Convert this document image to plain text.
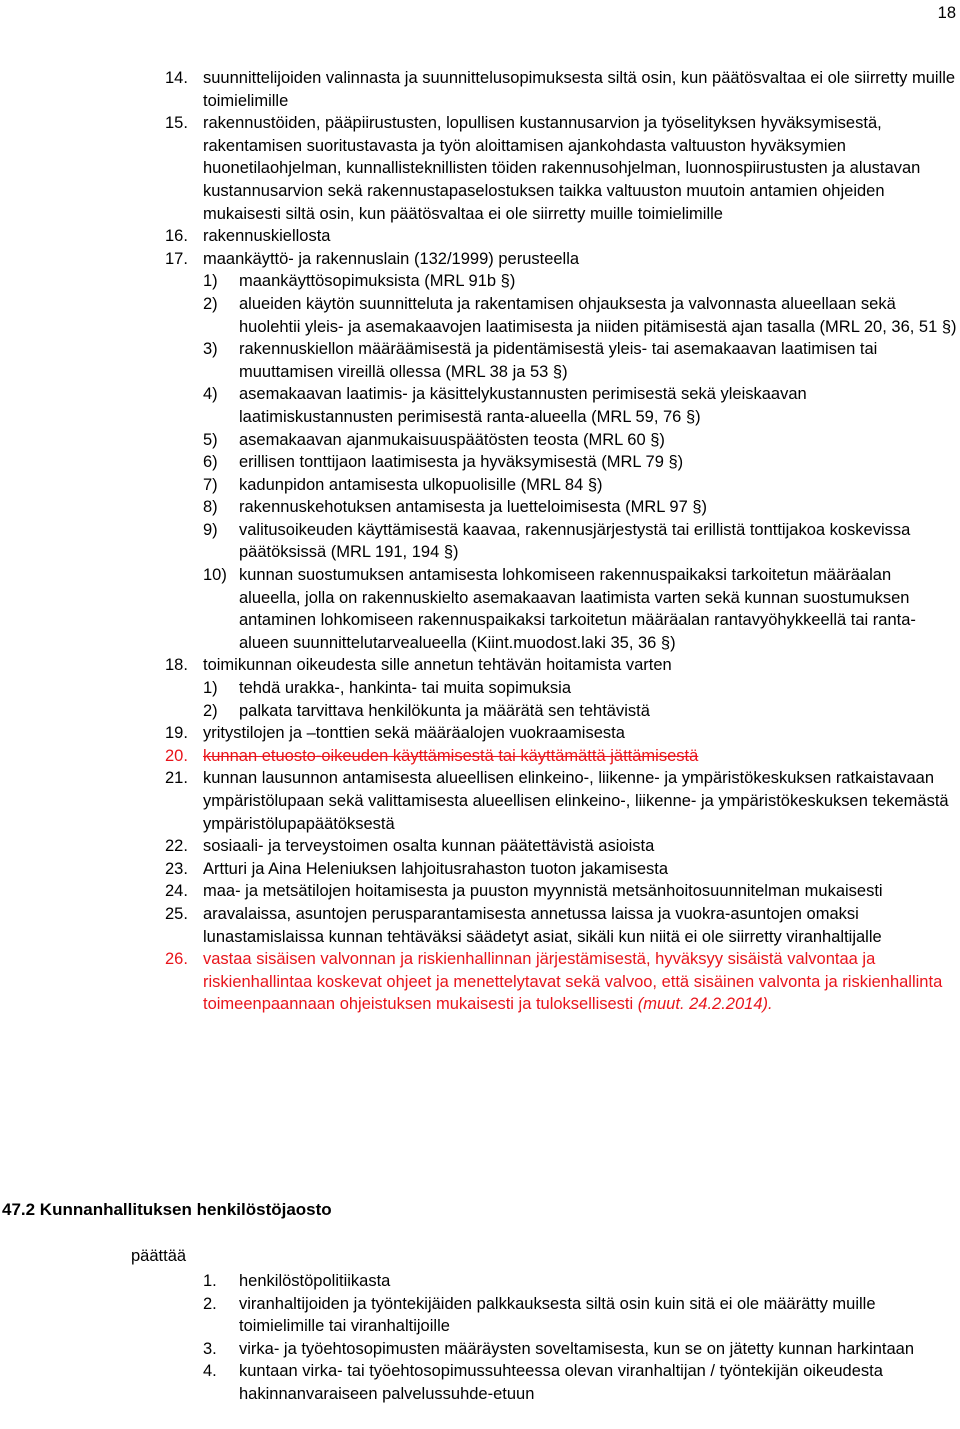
18
14. suunnittelijoiden valinnasta ja suunnittelusopimuksesta siltä osin, kun päätösvaltaa ei ole siirretty muille toimielimille
15. rakennustöiden, pääpiirustusten, lopullisen kustannusarvion ja työselityksen hyväksymisestä, rakentamisen suoritustavasta ja työn aloittamisen ajankohdasta valtuuston hyväksymien huonetilaohjelman, kunnallisteknillisten töiden rakennusohjelman, luonnospiirustusten ja alustavan kustannusarvion sekä rakennustapaselostuksen taikka valtuuston muutoin antamien ohjeiden mukaisesti siltä osin, kun päätösvaltaa ei ole siirretty muille toimielimille
16. rakennuskiellosta
17. maankäyttö- ja rakennuslain (132/1999) perusteella
1) maankäyttösopimuksista (MRL 91b §)
2) alueiden käytön suunnitteluta ja rakentamisen ohjauksesta ja valvonnasta alueellaan sekä huolehtii yleis- ja asemakaavojen laatimisesta ja niiden pitämisestä ajan tasalla (MRL 20, 36, 51 §)
3) rakennuskiellon määräämisestä ja pidentämisestä yleis- tai asemakaavan laatimisen tai muuttamisen vireillä ollessa (MRL 38 ja 53 §)
4) asemakaavan laatimis- ja käsittelykustannusten perimisestä sekä yleiskaavan laatimiskustannusten perimisestä ranta-alueella (MRL 59, 76 §)
5) asemakaavan ajanmukaisuuspäätösten teosta (MRL 60 §)
6) erillisen tonttijaon laatimisesta ja hyväksymisestä (MRL 79 §)
7) kadunpidon antamisesta ulkopuolisille (MRL 84 §)
8) rakennuskehotuksen antamisesta ja luetteloimisesta (MRL 97 §)
9) valitusoikeuden käyttämisestä kaavaa, rakennusjärjestystä tai erillistä tonttijakoa koskevissa päätöksissä (MRL 191, 194 §)
10) kunnan suostumuksen antamisesta lohkomiseen rakennuspaikaksi tarkoitetun määräalan alueella, jolla on rakennuskielto asemakaavan laatimista varten sekä kunnan suostumuksen antaminen lohkomiseen rakennuspaikaksi tarkoitetun määräalan rantavyöhykkeellä tai ranta-alueen suunnittelutarvealueella (Kiint.muodost.laki 35, 36 §)
18. toimikunnan oikeudesta sille annetun tehtävän hoitamista varten
1) tehdä urakka-, hankinta- tai muita sopimuksia
2) palkata tarvittava henkilökunta ja määrätä sen tehtävistä
19. yritystilojen ja –tonttien sekä määräalojen vuokraamisesta
20. kunnan etuosto-oikeuden käyttämisestä tai käyttämättä jättämisestä
21. kunnan lausunnon antamisesta alueellisen elinkeino-, liikenne- ja ympäristökeskuksen ratkaistavaan ympäristölupaan sekä valittamisesta alueellisen elinkeino-, liikenne- ja ympäristökeskuksen tekemästä ympäristölupapäätöksestä
22. sosiaali- ja terveystoimen osalta kunnan päätettävistä asioista
23. Artturi ja Aina Heleniuksen lahjoitusrahaston tuoton jakamisesta
24. maa- ja metsätilojen hoitamisesta ja puuston myynnistä metsänhoitosuunnitelman mukaisesti
25. aravalaissa, asuntojen perusparantamisesta annetussa laissa ja vuokra-asuntojen omaksi lunastamislaissa kunnan tehtäväksi säädetyt asiat, sikäli kun niitä ei ole siirretty viranhaltijalle
26. vastaa sisäisen valvonnan ja riskienhallinnan järjestämisestä, hyväksyy sisäistä valvontaa ja riskienhallintaa koskevat ohjeet ja menettelytavat sekä valvoo, että sisäinen valvonta ja riskienhallinta toimeenpaannaan ohjeistuksen mukaisesti ja tuloksellisesti (muut. 24.2.2014).
47.2 Kunnanhallituksen henkilöstöjaosto
päättää
1. henkilöstöpolitiikasta
2. viranhaltijoiden ja työntekijäiden palkkauksesta siltä osin kuin sitä ei ole määrätty muille toimielimille tai viranhaltijoille
3. virka- ja työehtosopimusten määräysten soveltamisesta, kun se on jätetty kunnan harkintaan
4. kuntaan virka- tai työehtosopimussuhteessa olevan viranhaltijan / työntekijän oikeudesta hakinnanvaraiseen palvelussuhde-etuun
